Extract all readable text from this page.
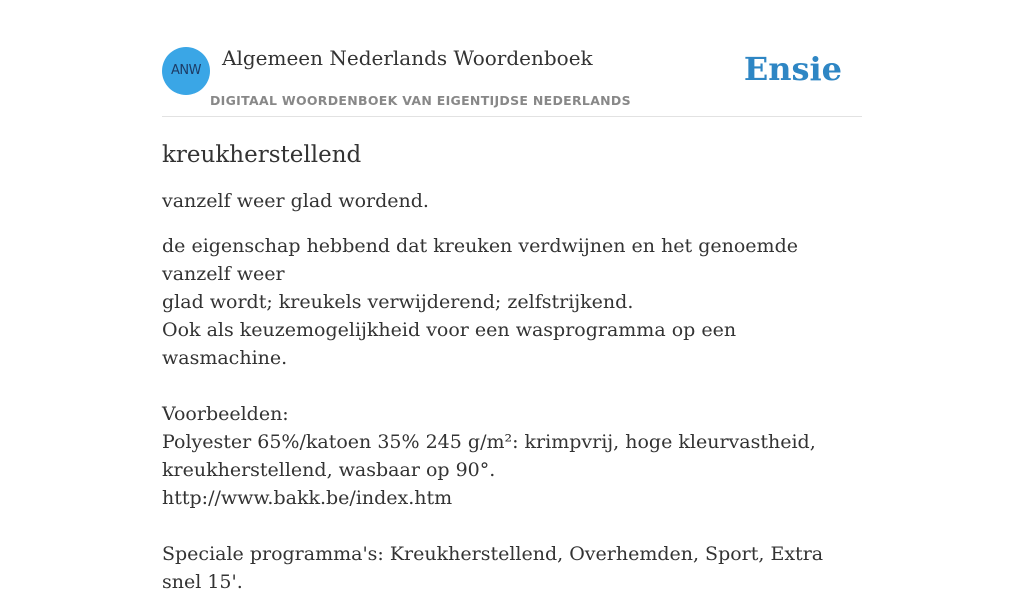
ANW
Algemeen Nederlands Woordenboek
DIGITAAL WOORDENBOEK VAN EIGENTIJDSE NEDERLANDS
Ensie
kreukherstellend

vanzelf weer glad wordend.

de eigenschap hebbend dat kreuken verdwijnen en het genoemde vanzelf weer
glad wordt; kreukels verwijderend; zelfstrijkend.
Ook als keuzemogelijkheid voor een wasprogramma op een wasmachine.
Voorbeelden:
Polyester 65%/katoen 35% 245 g/m²: krimpvrij, hoge kleurvastheid,
kreukherstellend, wasbaar op 90°.
http://www.bakk.be/index.htm
Speciale programma's: Kreukherstellend, Overhemden, Sport, Extra snel 15'.
